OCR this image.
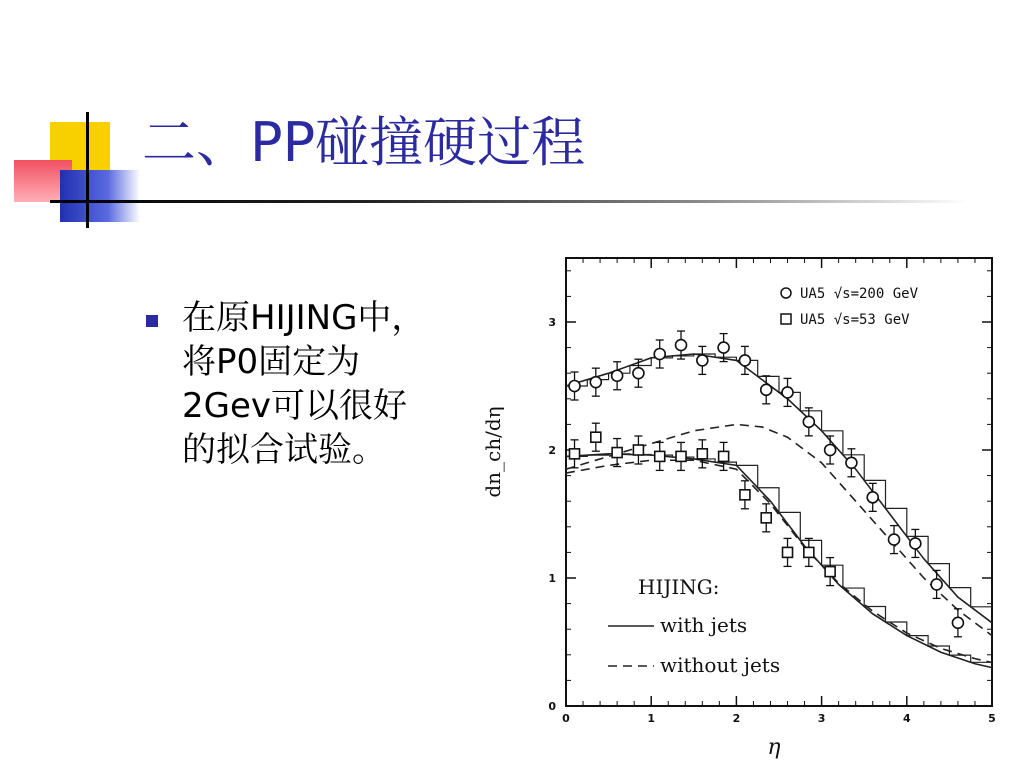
二、PP碰撞硬过程
在原HIJING中，
将P0固定为
2Gev可以很好
的拟合试验。
0	1	2	3	4	5
0
1
2
3
η
dn_ch/dη
UA5 √s=200 GeV
UA5 √s=53 GeV
HIJING:
with jets
without jets
